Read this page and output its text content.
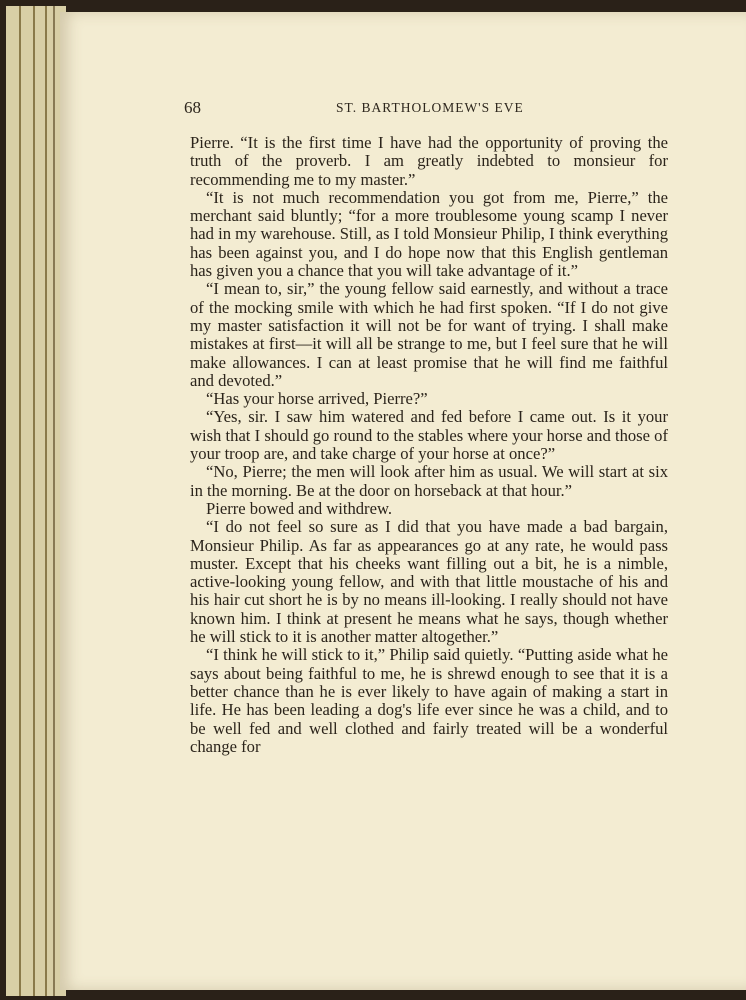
68	ST. BARTHOLOMEW'S EVE

Pierre. “It is the first time I have had the opportunity of proving the truth of the proverb. I am greatly indebted to monsieur for recommending me to my master.”

“It is not much recommendation you got from me, Pierre,” the merchant said bluntly; “for a more troublesome young scamp I never had in my warehouse. Still, as I told Monsieur Philip, I think everything has been against you, and I do hope now that this English gentleman has given you a chance that you will take advantage of it.”

“I mean to, sir,” the young fellow said earnestly, and without a trace of the mocking smile with which he had first spoken. “If I do not give my master satisfaction it will not be for want of trying. I shall make mistakes at first—it will all be strange to me, but I feel sure that he will make allowances. I can at least promise that he will find me faithful and devoted.”

“Has your horse arrived, Pierre?”

“Yes, sir. I saw him watered and fed before I came out. Is it your wish that I should go round to the stables where your horse and those of your troop are, and take charge of your horse at once?”

“No, Pierre; the men will look after him as usual. We will start at six in the morning. Be at the door on horseback at that hour.”

Pierre bowed and withdrew.

“I do not feel so sure as I did that you have made a bad bargain, Monsieur Philip. As far as appearances go at any rate, he would pass muster. Except that his cheeks want filling out a bit, he is a nimble, active-looking young fellow, and with that little moustache of his and his hair cut short he is by no means ill-looking. I really should not have known him. I think at present he means what he says, though whether he will stick to it is another matter altogether.”

“I think he will stick to it,” Philip said quietly. “Putting aside what he says about being faithful to me, he is shrewd enough to see that it is a better chance than he is ever likely to have again of making a start in life. He has been leading a dog's life ever since he was a child, and to be well fed and well clothed and fairly treated will be a wonderful change for
